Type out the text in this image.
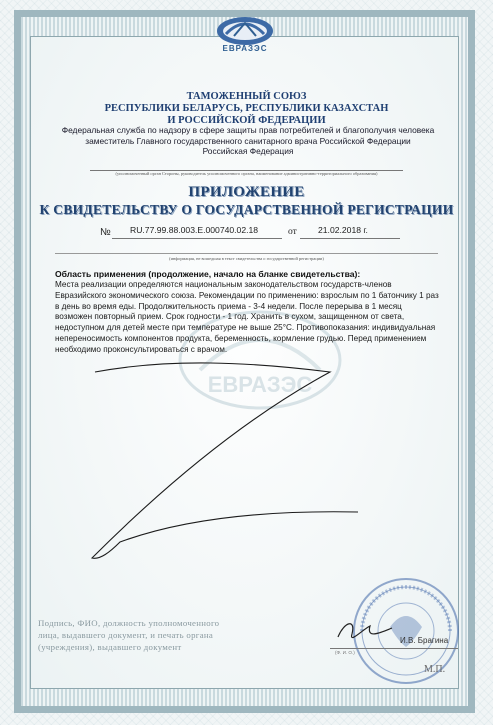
ЕВРАЗЭС
ЕВРАЗЭС
ТАМОЖЕННЫЙ СОЮЗ
РЕСПУБЛИКИ БЕЛАРУСЬ, РЕСПУБЛИКИ КАЗАХСТАН
И РОССИЙСКОЙ ФЕДЕРАЦИИ
Федеральная служба по надзору в сфере защиты прав потребителей и благополучия человека
заместитель Главного государственного санитарного врача Российской Федерации
Российская Федерация
(уполномоченный орган Стороны, руководитель уполномоченного органа, наименование административно-территориального образования)
ПРИЛОЖЕНИЕ
К СВИДЕТЕЛЬСТВУ О ГОСУДАРСТВЕННОЙ РЕГИСТРАЦИИ
№ RU.77.99.88.003.E.000740.02.18	от 21.02.2018 г.
(информация, не вошедшая в текст свидетельства о государственной регистрации)
Область применения (продолжение, начало на бланке свидетельства):
Места реализации определяются национальным законодательством государств-членов Евразийского экономического союза. Рекомендации по применению: взрослым по 1 батончику 1 раз в день во время еды. Продолжительность приема - 3-4 недели. После перерыва в 1 месяц возможен повторный прием. Срок годности - 1 год. Хранить в сухом, защищенном от света, недоступном для детей месте при температуре не выше 25°С. Противопоказания: индивидуальная непереносимость компонентов продукта, беременность, кормление грудью. Перед применением необходимо проконсультироваться с врачом.
Подпись, ФИО, должность уполномоченного
лица, выдавшего документ, и печать органа
(учреждения), выдавшего документ
И.В. Брагина
(Ф. И. О.)
М.П.
